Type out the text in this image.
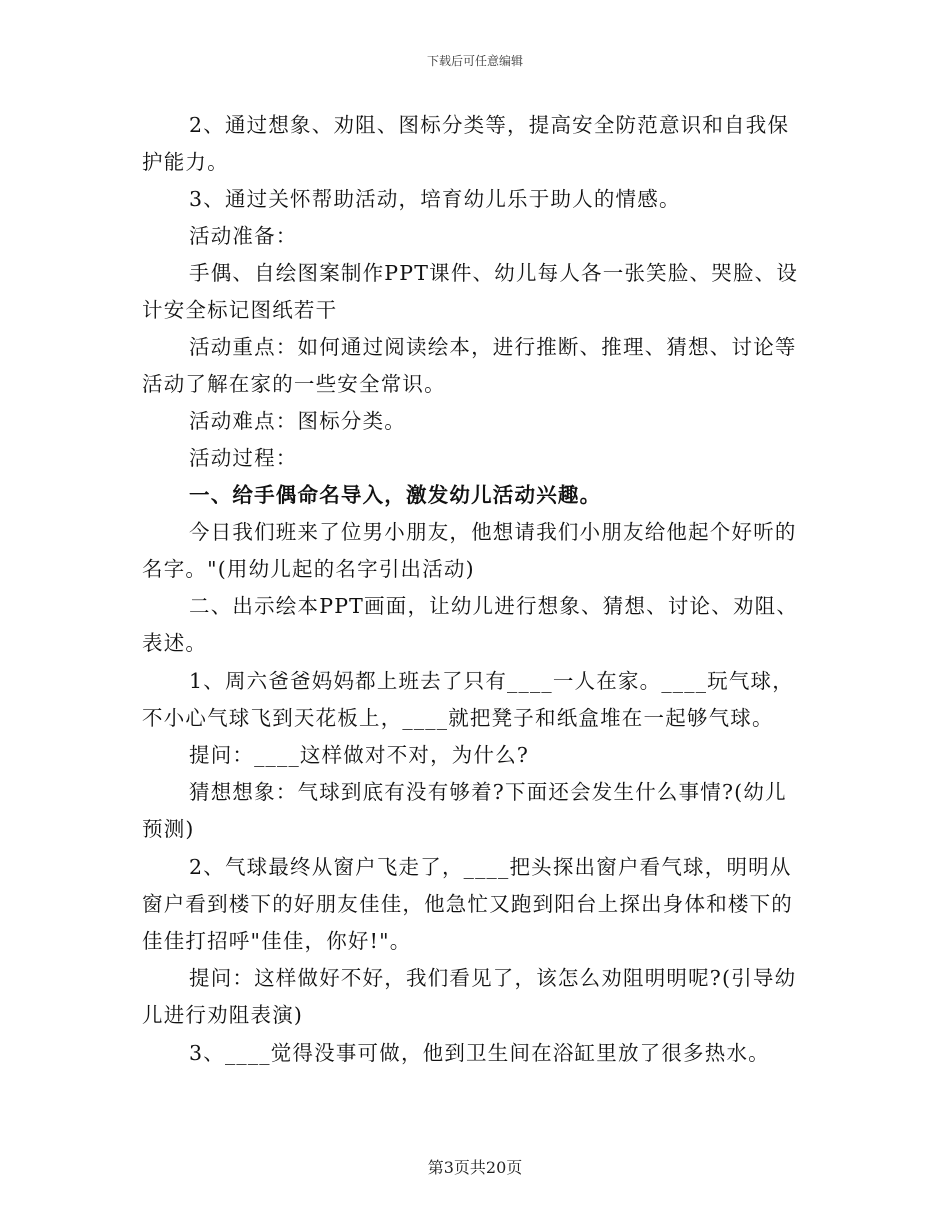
下载后可任意编辑

2、通过想象、劝阻、图标分类等，提高安全防范意识和自我保护能力。

3、通过关怀帮助活动，培育幼儿乐于助人的情感。

活动准备：

手偶、自绘图案制作PPT课件、幼儿每人各一张笑脸、哭脸、设计安全标记图纸若干

活动重点：如何通过阅读绘本，进行推断、推理、猜想、讨论等活动了解在家的一些安全常识。

活动难点：图标分类。

活动过程：

一、给手偶命名导入，激发幼儿活动兴趣。

今日我们班来了位男小朋友，他想请我们小朋友给他起个好听的名字。"(用幼儿起的名字引出活动)

二、出示绘本PPT画面，让幼儿进行想象、猜想、讨论、劝阻、表述。

1、周六爸爸妈妈都上班去了只有____一人在家。____玩气球，不小心气球飞到天花板上，____就把凳子和纸盒堆在一起够气球。

提问：____这样做对不对，为什么?

猜想想象：气球到底有没有够着?下面还会发生什么事情?(幼儿预测)

2、气球最终从窗户飞走了，____把头探出窗户看气球，明明从窗户看到楼下的好朋友佳佳，他急忙又跑到阳台上探出身体和楼下的佳佳打招呼"佳佳，你好!"。

提问：这样做好不好，我们看见了，该怎么劝阻明明呢?(引导幼儿进行劝阻表演)

3、____觉得没事可做，他到卫生间在浴缸里放了很多热水。

第3页共20页
